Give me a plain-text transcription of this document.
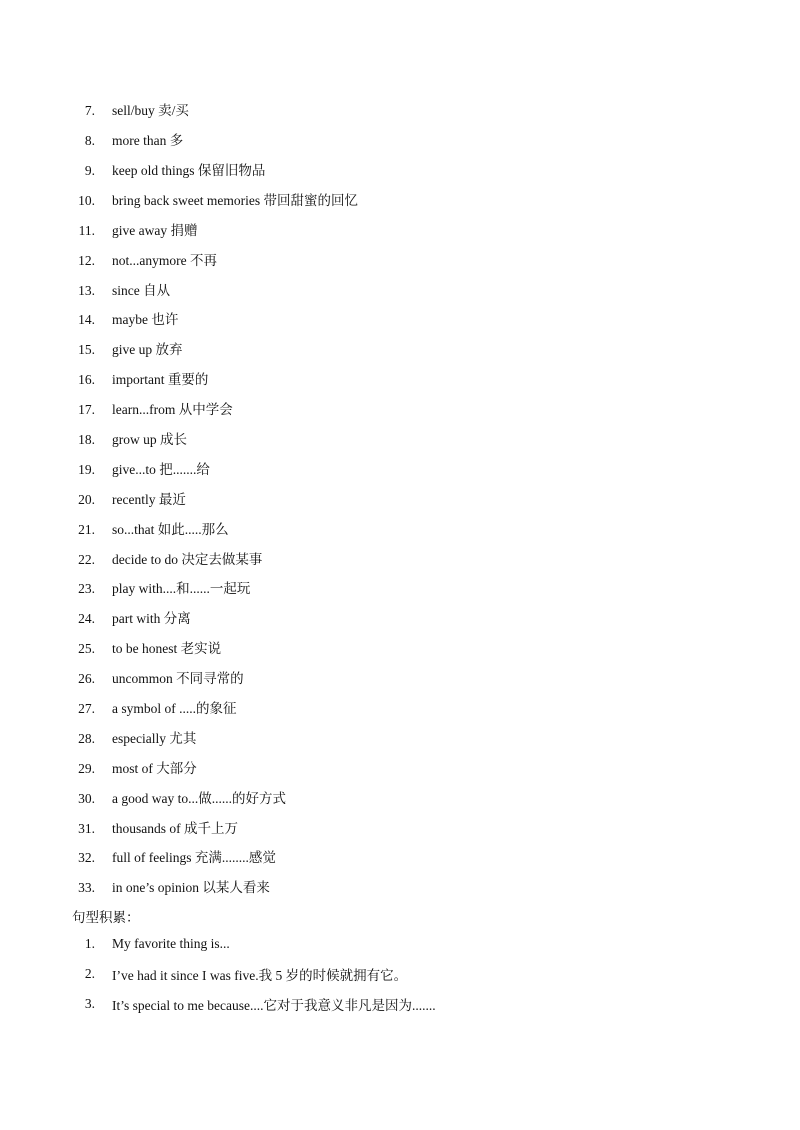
7.	sell/buy 卖/买
8.	more than 多
9.	keep old things 保留旧物品
10.	bring back sweet memories 带回甜蜜的回忆
11.	give away 捐赠
12.	not...anymore 不再
13.	since 自从
14.	maybe 也许
15.	give up 放弃
16.	important 重要的
17.	learn...from 从中学会
18.	grow up 成长
19.	give...to 把.......给
20.	recently 最近
21.	so...that 如此.....那么
22.	decide to do 决定去做某事
23.	play with....和......一起玩
24.	part with 分离
25.	to be honest 老实说
26.	uncommon 不同寻常的
27.	a symbol of .....的象征
28.	especially 尤其
29.	most of 大部分
30.	a good way to...做......的好方式
31.	thousands of 成千上万
32.	full of feelings 充满........感觉
33.	in one’s opinion 以某人看来
句型积累：
1.	My favorite thing is...
2.	I’ve had it since I was five.我 5 岁的时候就拥有它。
3.	It’s special to me because....它对于我意义非凡是因为.......
